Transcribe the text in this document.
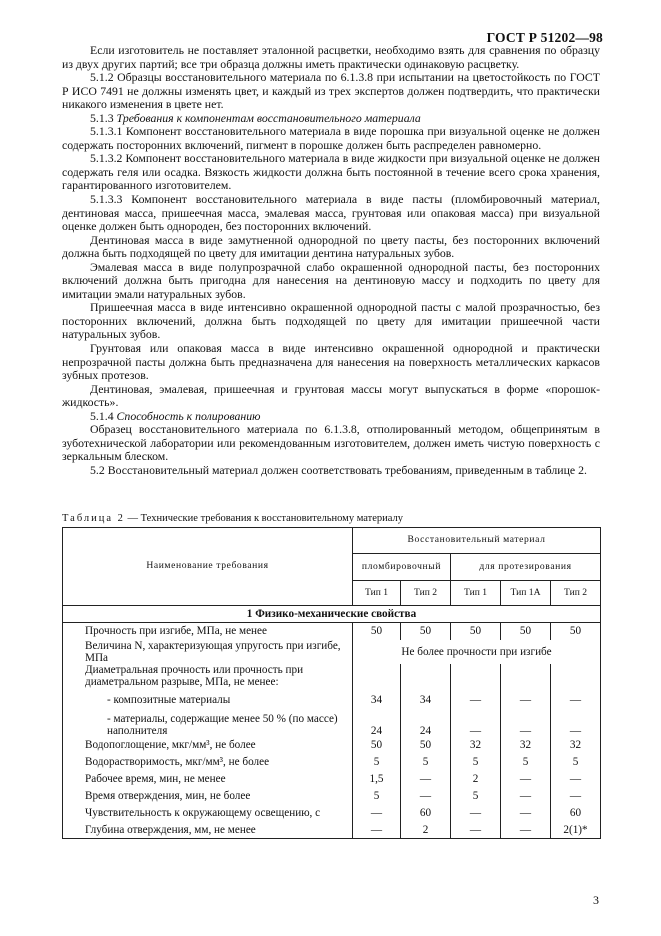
ГОСТ Р 51202—98

Если изготовитель не поставляет эталонной расцветки, необходимо взять для сравнения по образцу из двух других партий; все три образца должны иметь практически одинаковую расцветку.

5.1.2 Образцы восстановительного материала по 6.1.3.8 при испытании на цветостойкость по ГОСТ Р ИСО 7491 не должны изменять цвет, и каждый из трех экспертов должен подтвердить, что практически никакого изменения в цвете нет.

5.1.3 Требования к компонентам восстановительного материала

5.1.3.1 Компонент восстановительного материала в виде порошка при визуальной оценке не должен содержать посторонних включений, пигмент в порошке должен быть распределен равномерно.

5.1.3.2 Компонент восстановительного материала в виде жидкости при визуальной оценке не должен содержать геля или осадка. Вязкость жидкости должна быть постоянной в течение всего срока хранения, гарантированного изготовителем.

5.1.3.3 Компонент восстановительного материала в виде пасты (пломбировочный материал, дентиновая масса, пришеечная масса, эмалевая масса, грунтовая или опаковая масса) при визуальной оценке должен быть однороден, без посторонних включений.

Дентиновая масса в виде замутненной однородной по цвету пасты, без посторонних включений должна быть подходящей по цвету для имитации дентина натуральных зубов.

Эмалевая масса в виде полупрозрачной слабо окрашенной однородной пасты, без посторонних включений должна быть пригодна для нанесения на дентиновую массу и подходить по цвету для имитации эмали натуральных зубов.

Пришеечная масса в виде интенсивно окрашенной однородной пасты с малой прозрачностью, без посторонних включений, должна быть подходящей по цвету для имитации пришеечной части натуральных зубов.

Грунтовая или опаковая масса в виде интенсивно окрашенной однородной и практически непрозрачной пасты должна быть предназначена для нанесения на поверхность металлических каркасов зубных протезов.

Дентиновая, эмалевая, пришеечная и грунтовая массы могут выпускаться в форме «порошок-жидкость».

5.1.4 Способность к полированию

Образец восстановительного материала по 6.1.3.8, отполированный методом, общепринятым в зуботехнической лаборатории или рекомендованным изготовителем, должен иметь чистую поверхность с зеркальным блеском.

5.2 Восстановительный материал должен соответствовать требованиям, приведенным в таблице 2.

Таблица 2 — Технические требования к восстановительному материалу
Наименование требования	Восстановительный материал				
	пломбировочный		для протезирования		
	Тип 1	Тип 2	Тип 1	Тип 1А	Тип 2
1 Физико-механические свойства					
Прочность при изгибе, МПа, не менее	50	50	50	50	50
Величина N, характеризующая упругость при изгибе, МПа	Не более прочности при изгибе				

Диаметральная прочность или прочность при диаметральном разрыве, МПа, не менее:					

- композитные материалы	34	34	—	—	—
- материалы, содержащие менее 50 % (по массе) наполнителя	24	24	—	—	—
Водопоглощение, мкг/мм³, не более	50	50	32	32	32
Водорастворимость, мкг/мм³, не более	5	5	5	5	5
Рабочее время, мин, не менее	1,5	—	2	—	—
Время отверждения, мин, не более	5	—	5	—	—
Чувствительность к окружающему освещению, с	—	60	—	—	60
Глубина отверждения, мм, не менее	—	2	—	—	2(1)*
3
